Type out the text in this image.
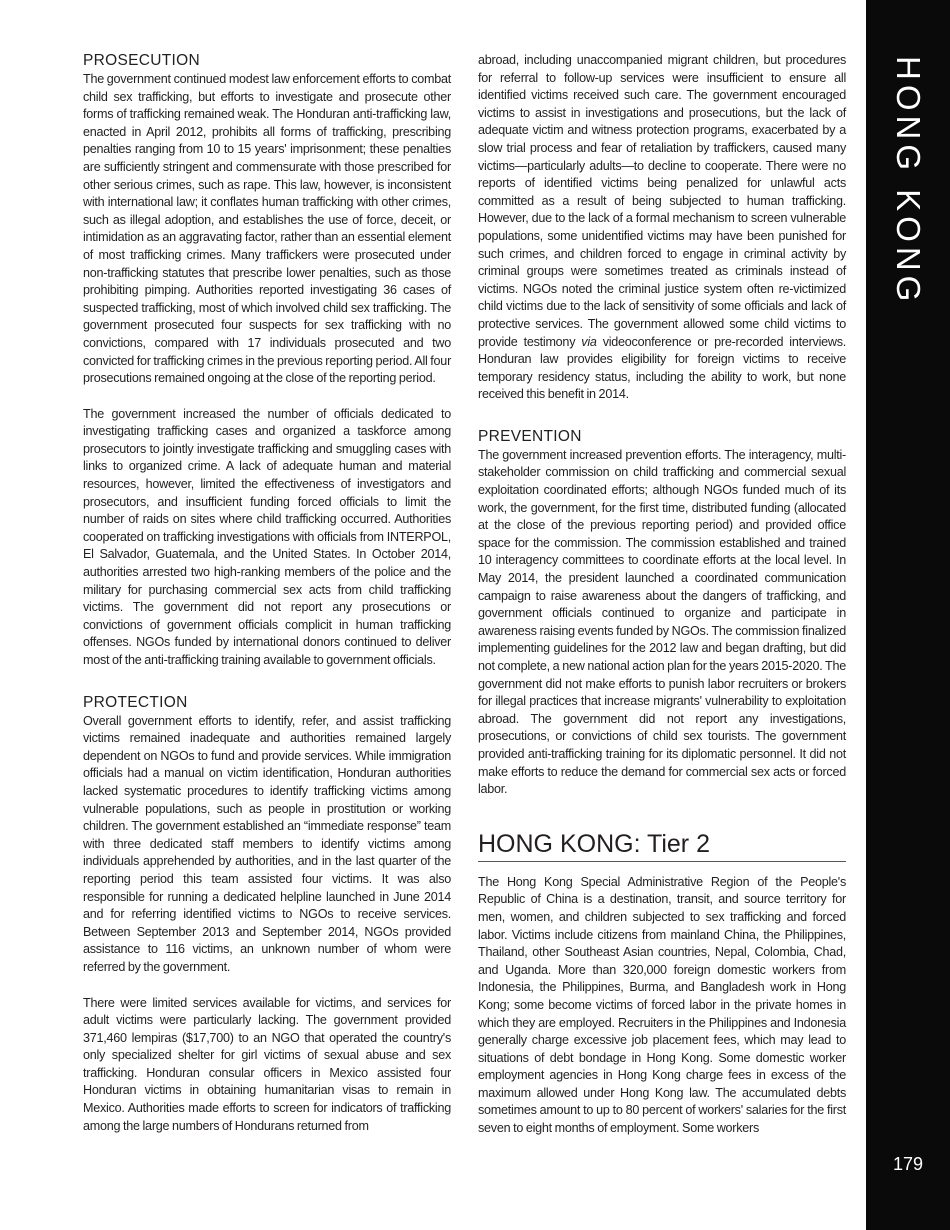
PROSECUTION

The government continued modest law enforcement efforts to combat child sex trafficking, but efforts to investigate and prosecute other forms of trafficking remained weak. The Honduran anti-trafficking law, enacted in April 2012, prohibits all forms of trafficking, prescribing penalties ranging from 10 to 15 years' imprisonment; these penalties are sufficiently stringent and commensurate with those prescribed for other serious crimes, such as rape. This law, however, is inconsistent with international law; it conflates human trafficking with other crimes, such as illegal adoption, and establishes the use of force, deceit, or intimidation as an aggravating factor, rather than an essential element of most trafficking crimes. Many traffickers were prosecuted under non-trafficking statutes that prescribe lower penalties, such as those prohibiting pimping. Authorities reported investigating 36 cases of suspected trafficking, most of which involved child sex trafficking. The government prosecuted four suspects for sex trafficking with no convictions, compared with 17 individuals prosecuted and two convicted for trafficking crimes in the previous reporting period. All four prosecutions remained ongoing at the close of the reporting period.

The government increased the number of officials dedicated to investigating trafficking cases and organized a taskforce among prosecutors to jointly investigate trafficking and smuggling cases with links to organized crime. A lack of adequate human and material resources, however, limited the effectiveness of investigators and prosecutors, and insufficient funding forced officials to limit the number of raids on sites where child trafficking occurred. Authorities cooperated on trafficking investigations with officials from INTERPOL, El Salvador, Guatemala, and the United States. In October 2014, authorities arrested two high-ranking members of the police and the military for purchasing commercial sex acts from child trafficking victims. The government did not report any prosecutions or convictions of government officials complicit in human trafficking offenses. NGOs funded by international donors continued to deliver most of the anti-trafficking training available to government officials.

PROTECTION

Overall government efforts to identify, refer, and assist trafficking victims remained inadequate and authorities remained largely dependent on NGOs to fund and provide services. While immigration officials had a manual on victim identification, Honduran authorities lacked systematic procedures to identify trafficking victims among vulnerable populations, such as people in prostitution or working children. The government established an “immediate response” team with three dedicated staff members to identify victims among individuals apprehended by authorities, and in the last quarter of the reporting period this team assisted four victims. It was also responsible for running a dedicated helpline launched in June 2014 and for referring identified victims to NGOs to receive services. Between September 2013 and September 2014, NGOs provided assistance to 116 victims, an unknown number of whom were referred by the government.

There were limited services available for victims, and services for adult victims were particularly lacking. The government provided 371,460 lempiras ($17,700) to an NGO that operated the country's only specialized shelter for girl victims of sexual abuse and sex trafficking. Honduran consular officers in Mexico assisted four Honduran victims in obtaining humanitarian visas to remain in Mexico. Authorities made efforts to screen for indicators of trafficking among the large numbers of Hondurans returned from

abroad, including unaccompanied migrant children, but procedures for referral to follow-up services were insufficient to ensure all identified victims received such care. The government encouraged victims to assist in investigations and prosecutions, but the lack of adequate victim and witness protection programs, exacerbated by a slow trial process and fear of retaliation by traffickers, caused many victims—particularly adults—to decline to cooperate. There were no reports of identified victims being penalized for unlawful acts committed as a result of being subjected to human trafficking. However, due to the lack of a formal mechanism to screen vulnerable populations, some unidentified victims may have been punished for such crimes, and children forced to engage in criminal activity by criminal groups were sometimes treated as criminals instead of victims. NGOs noted the criminal justice system often re-victimized child victims due to the lack of sensitivity of some officials and lack of protective services. The government allowed some child victims to provide testimony via videoconference or pre-recorded interviews. Honduran law provides eligibility for foreign victims to receive temporary residency status, including the ability to work, but none received this benefit in 2014.

PREVENTION

The government increased prevention efforts. The interagency, multi-stakeholder commission on child trafficking and commercial sexual exploitation coordinated efforts; although NGOs funded much of its work, the government, for the first time, distributed funding (allocated at the close of the previous reporting period) and provided office space for the commission. The commission established and trained 10 interagency committees to coordinate efforts at the local level. In May 2014, the president launched a coordinated communication campaign to raise awareness about the dangers of trafficking, and government officials continued to organize and participate in awareness raising events funded by NGOs. The commission finalized implementing guidelines for the 2012 law and began drafting, but did not complete, a new national action plan for the years 2015-2020. The government did not make efforts to punish labor recruiters or brokers for illegal practices that increase migrants' vulnerability to exploitation abroad. The government did not report any investigations, prosecutions, or convictions of child sex tourists. The government provided anti-trafficking training for its diplomatic personnel. It did not make efforts to reduce the demand for commercial sex acts or forced labor.

HONG KONG: Tier 2

The Hong Kong Special Administrative Region of the People's Republic of China is a destination, transit, and source territory for men, women, and children subjected to sex trafficking and forced labor. Victims include citizens from mainland China, the Philippines, Thailand, other Southeast Asian countries, Nepal, Colombia, Chad, and Uganda. More than 320,000 foreign domestic workers from Indonesia, the Philippines, Burma, and Bangladesh work in Hong Kong; some become victims of forced labor in the private homes in which they are employed. Recruiters in the Philippines and Indonesia generally charge excessive job placement fees, which may lead to situations of debt bondage in Hong Kong. Some domestic worker employment agencies in Hong Kong charge fees in excess of the maximum allowed under Hong Kong law. The accumulated debts sometimes amount to up to 80 percent of workers' salaries for the first seven to eight months of employment. Some workers

HONG KONG
179
